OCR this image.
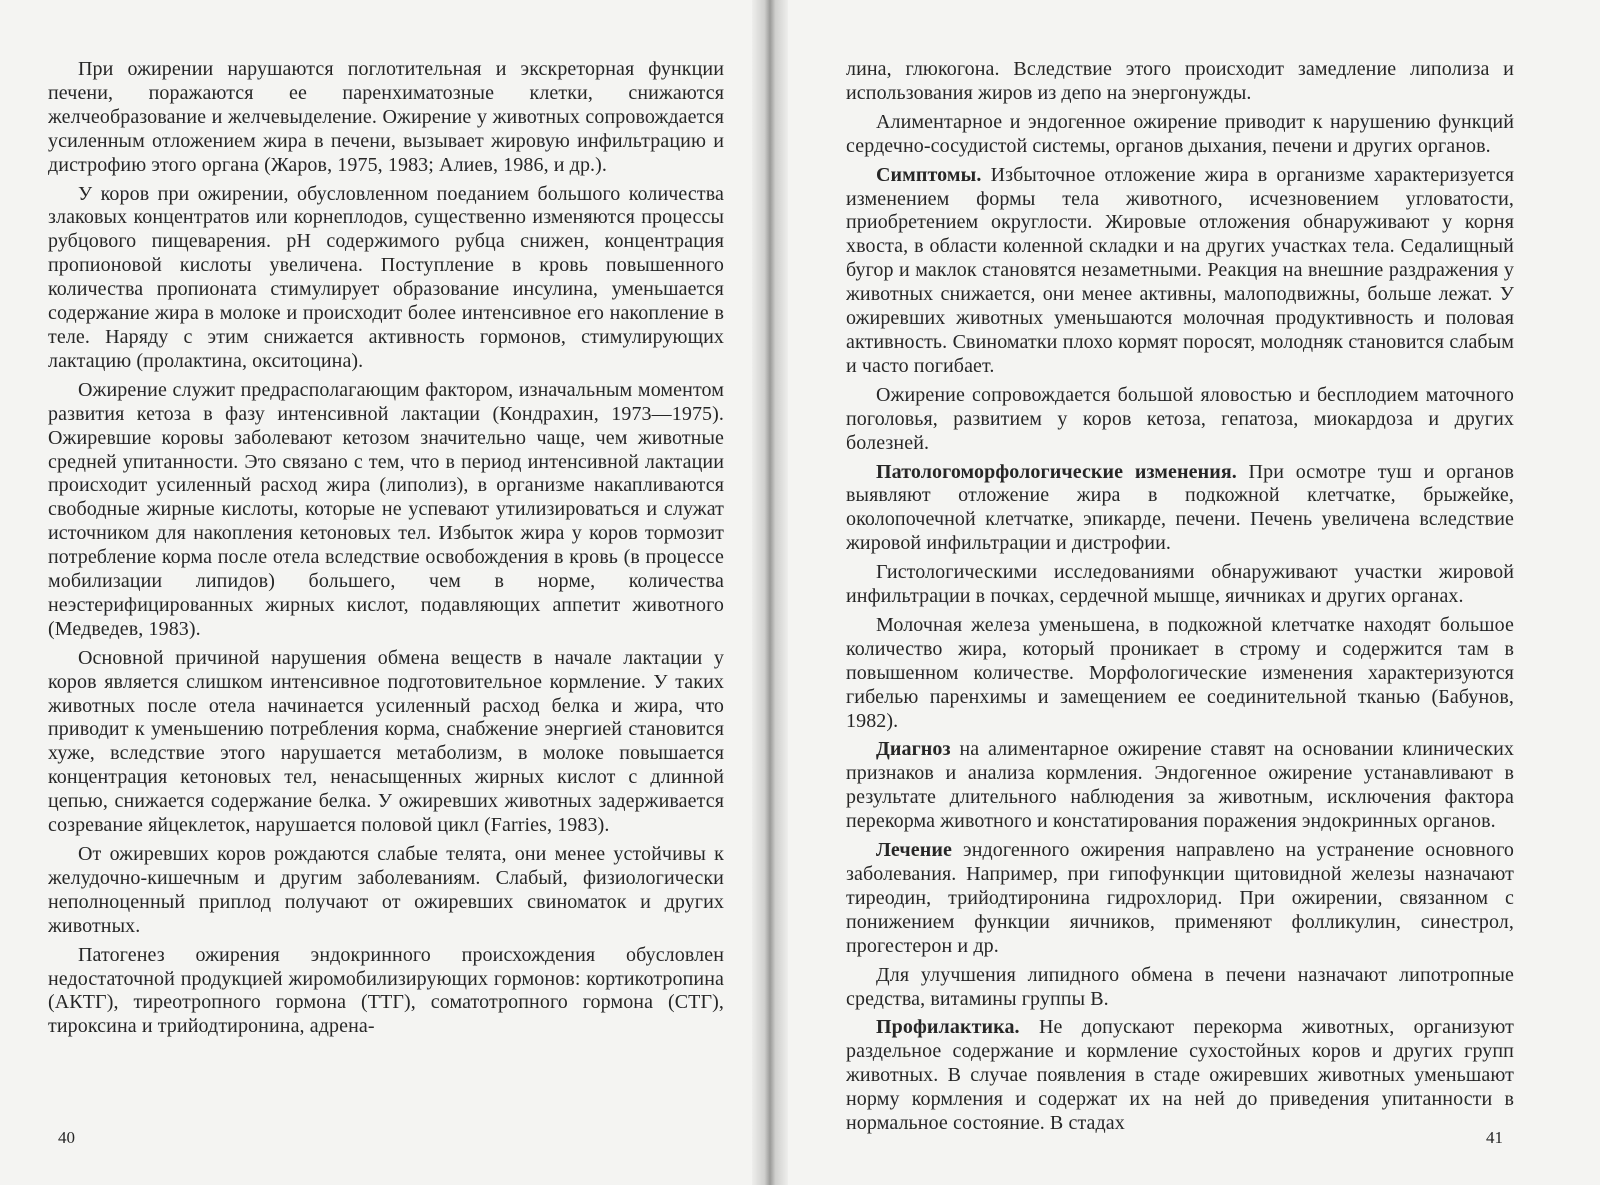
При ожирении нарушаются поглотительная и экскреторная функции печени, поражаются ее паренхиматозные клетки, снижаются желчеобразование и желчевыделение. Ожирение у животных сопровождается усиленным отложением жира в печени, вызывает жировую инфильтрацию и дистрофию этого органа (Жаров, 1975, 1983; Алиев, 1986, и др.).

У коров при ожирении, обусловленном поеданием большого количества злаковых концентратов или корнеплодов, существенно изменяются процессы рубцового пищеварения. pH содержимого рубца снижен, концентрация пропионовой кислоты увеличена. Поступление в кровь повышенного количества пропионата стимулирует образование инсулина, уменьшается содержание жира в молоке и происходит более интенсивное его накопление в теле. Наряду с этим снижается активность гормонов, стимулирующих лактацию (пролактина, окситоцина).

Ожирение служит предрасполагающим фактором, изначальным моментом развития кетоза в фазу интенсивной лактации (Кондрахин, 1973—1975). Ожиревшие коровы заболевают кетозом значительно чаще, чем животные средней упитанности. Это связано с тем, что в период интенсивной лактации происходит усиленный расход жира (липолиз), в организме накапливаются свободные жирные кислоты, которые не успевают утилизироваться и служат источником для накопления кетоновых тел. Избыток жира у коров тормозит потребление корма после отела вследствие освобождения в кровь (в процессе мобилизации липидов) большего, чем в норме, количества неэстерифицированных жирных кислот, подавляющих аппетит животного (Медведев, 1983).

Основной причиной нарушения обмена веществ в начале лактации у коров является слишком интенсивное подготовительное кормление. У таких животных после отела начинается усиленный расход белка и жира, что приводит к уменьшению потребления корма, снабжение энергией становится хуже, вследствие этого нарушается метаболизм, в молоке повышается концентрация кетоновых тел, ненасыщенных жирных кислот с длинной цепью, снижается содержание белка. У ожиревших животных задерживается созревание яйцеклеток, нарушается половой цикл (Farries, 1983).

От ожиревших коров рождаются слабые телята, они менее устойчивы к желудочно-кишечным и другим заболеваниям. Слабый, физиологически неполноценный приплод получают от ожиревших свиноматок и других животных.

Патогенез ожирения эндокринного происхождения обусловлен недостаточной продукцией жиромобилизирующих гормонов: кортикотропина (АКТГ), тиреотропного гормона (ТТГ), соматотропного гормона (СТГ), тироксина и трийодтиронина, адрена-

40

лина, глюкогона. Вследствие этого происходит замедление липолиза и использования жиров из депо на энергонужды.

Алиментарное и эндогенное ожирение приводит к нарушению функций сердечно-сосудистой системы, органов дыхания, печени и других органов.

Симптомы. Избыточное отложение жира в организме характеризуется изменением формы тела животного, исчезновением угловатости, приобретением округлости. Жировые отложения обнаруживают у корня хвоста, в области коленной складки и на других участках тела. Седалищный бугор и маклок становятся незаметными. Реакция на внешние раздражения у животных снижается, они менее активны, малоподвижны, больше лежат. У ожиревших животных уменьшаются молочная продуктивность и половая активность. Свиноматки плохо кормят поросят, молодняк становится слабым и часто погибает.

Ожирение сопровождается большой яловостью и бесплодием маточного поголовья, развитием у коров кетоза, гепатоза, миокардоза и других болезней.

Патологоморфологические изменения. При осмотре туш и органов выявляют отложение жира в подкожной клетчатке, брыжейке, околопочечной клетчатке, эпикарде, печени. Печень увеличена вследствие жировой инфильтрации и дистрофии.

Гистологическими исследованиями обнаруживают участки жировой инфильтрации в почках, сердечной мышце, яичниках и других органах.

Молочная железа уменьшена, в подкожной клетчатке находят большое количество жира, который проникает в строму и содержится там в повышенном количестве. Морфологические изменения характеризуются гибелью паренхимы и замещением ее соединительной тканью (Бабунов, 1982).

Диагноз на алиментарное ожирение ставят на основании клинических признаков и анализа кормления. Эндогенное ожирение устанавливают в результате длительного наблюдения за животным, исключения фактора перекорма животного и констатирования поражения эндокринных органов.

Лечение эндогенного ожирения направлено на устранение основного заболевания. Например, при гипофункции щитовидной железы назначают тиреодин, трийодтиронина гидрохлорид. При ожирении, связанном с понижением функции яичников, применяют фолликулин, синестрол, прогестерон и др.

Для улучшения липидного обмена в печени назначают липотропные средства, витамины группы В.

Профилактика. Не допускают перекорма животных, организуют раздельное содержание и кормление сухостойных коров и других групп животных. В случае появления в стаде ожиревших животных уменьшают норму кормления и содержат их на ней до приведения упитанности в нормальное состояние. В стадах

41
